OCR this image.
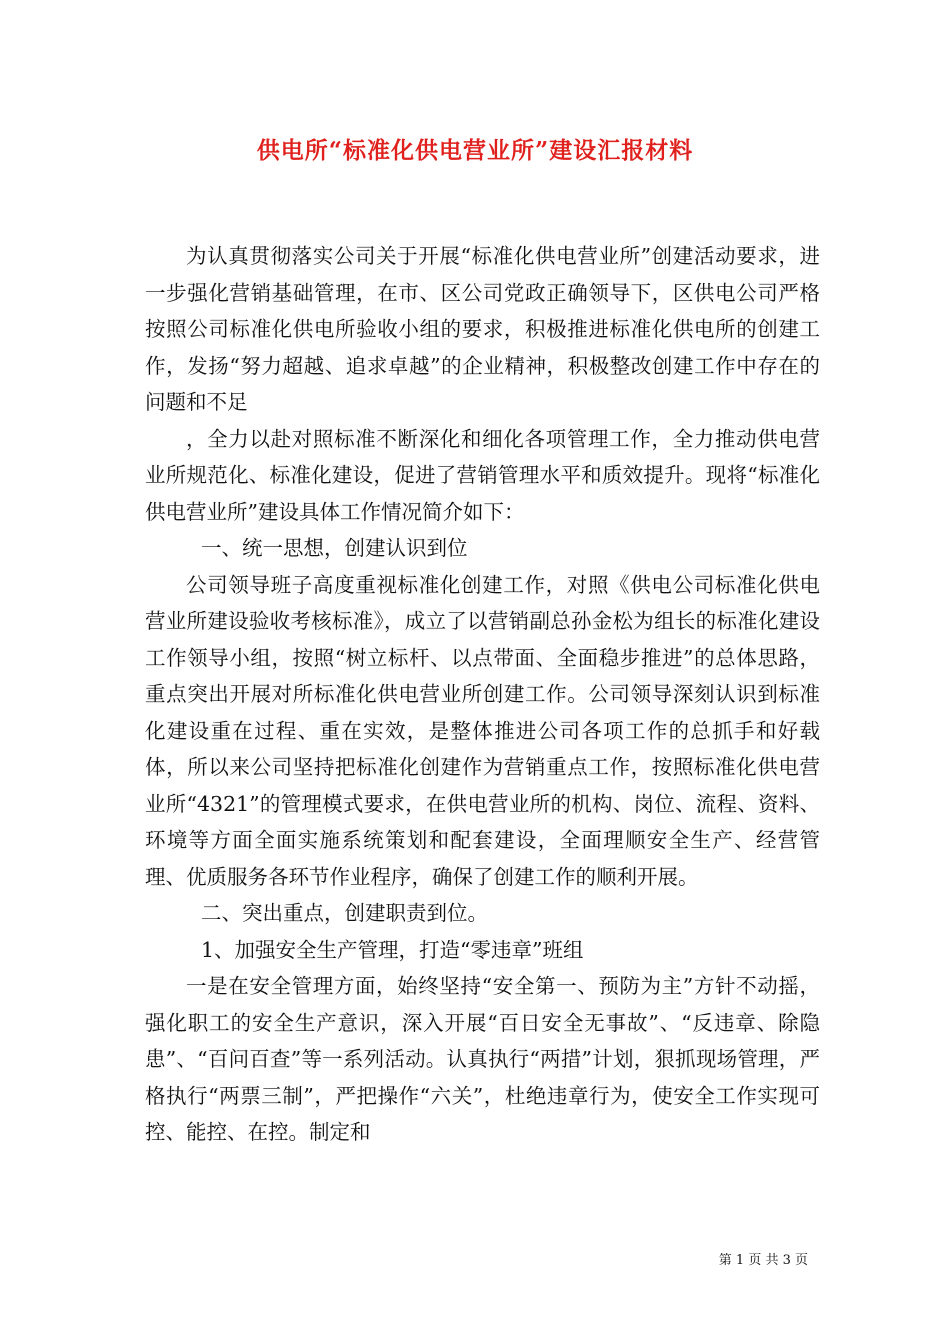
供电所“标准化供电营业所”建设汇报材料

为认真贯彻落实公司关于开展“标准化供电营业所”创建活动要求，进一步强化营销基础管理，在市、区公司党政正确领导下，区供电公司严格按照公司标准化供电所验收小组的要求，积极推进标准化供电所的创建工作，发扬“努力超越、追求卓越”的企业精神，积极整改创建工作中存在的问题和不足

，全力以赴对照标准不断深化和细化各项管理工作，全力推动供电营业所规范化、标准化建设，促进了营销管理水平和质效提升。现将“标准化供电营业所”建设具体工作情况简介如下：

一、统一思想，创建认识到位

公司领导班子高度重视标准化创建工作，对照《供电公司标准化供电营业所建设验收考核标准》，成立了以营销副总孙金松为组长的标准化建设工作领导小组，按照“树立标杆、以点带面、全面稳步推进”的总体思路，重点突出开展对所标准化供电营业所创建工作。公司领导深刻认识到标准化建设重在过程、重在实效，是整体推进公司各项工作的总抓手和好载体，所以来公司坚持把标准化创建作为营销重点工作，按照标准化供电营业所“4321”的管理模式要求，在供电营业所的机构、岗位、流程、资料、环境等方面全面实施系统策划和配套建设，全面理顺安全生产、经营管理、优质服务各环节作业程序，确保了创建工作的顺利开展。

二、突出重点，创建职责到位。

1、加强安全生产管理，打造“零违章”班组

一是在安全管理方面，始终坚持“安全第一、预防为主”方针不动摇，强化职工的安全生产意识，深入开展“百日安全无事故”、“反违章、除隐患”、“百问百查”等一系列活动。认真执行“两措”计划，狠抓现场管理，严格执行“两票三制”，严把操作“六关”，杜绝违章行为，使安全工作实现可控、能控、在控。制定和

第 1 页 共 3 页
